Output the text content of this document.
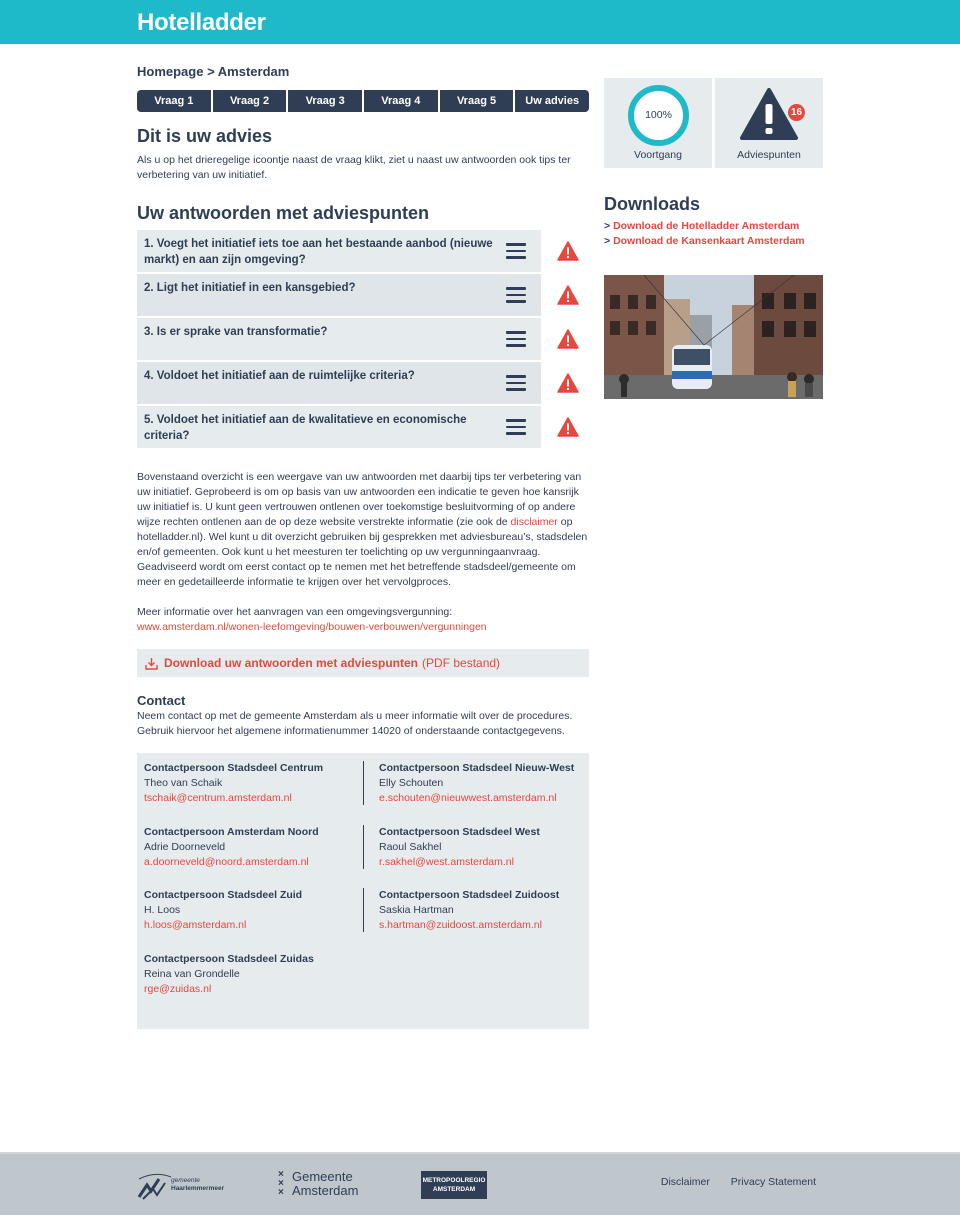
Hotelladder
Homepage > Amsterdam
Vraag 1	Vraag 2	Vraag 3	Vraag 4	Vraag 5	Uw advies
Dit is uw advies

Als u op het drieregelige icoontje naast de vraag klikt, ziet u naast uw antwoorden ook tips ter verbetering van uw initiatief.

Uw antwoorden met adviespunten
1. Voegt het initiatief iets toe aan het bestaande aanbod (nieuwe markt) en aan zijn omgeving?
2. Ligt het initiatief in een kansgebied?
3. Is er sprake van transformatie?
4. Voldoet het initiatief aan de ruimtelijke criteria?
5. Voldoet het initiatief aan de kwalitatieve en economische criteria?

Bovenstaand overzicht is een weergave van uw antwoorden met daarbij tips ter verbetering van uw initiatief. Geprobeerd is om op basis van uw antwoorden een indicatie te geven hoe kansrijk uw initiatief is. U kunt geen vertrouwen ontlenen over toekomstige besluitvorming of op andere wijze rechten ontlenen aan de op deze website verstrekte informatie (zie ook de disclaimer op hotelladder.nl). Wel kunt u dit overzicht gebruiken bij gesprekken met adviesbureau’s, stadsdelen en/of gemeenten. Ook kunt u het meesturen ter toelichting op uw vergunningaanvraag. Geadviseerd wordt om eerst contact op te nemen met het betreffende stadsdeel/gemeente om meer en gedetailleerde informatie te krijgen over het vervolgproces.

Meer informatie over het aanvragen van een omgevingsvergunning:
www.amsterdam.nl/wonen-leefomgeving/bouwen-verbouwen/vergunningen

Download uw antwoorden met adviespunten (PDF bestand)
Contact

Neem contact op met de gemeente Amsterdam als u meer informatie wilt over de procedures. Gebruik hiervoor het algemene informatienummer 14020 of onderstaande contactgegevens.

Contactpersoon Stadsdeel Centrum
Theo van Schaik
tschaik@centrum.amsterdam.nl
Contactpersoon Stadsdeel Nieuw-West
Elly Schouten
e.schouten@nieuwwest.amsterdam.nl
Contactpersoon Amsterdam Noord
Adrie Doorneveld
a.doorneveld@noord.amsterdam.nl
Contactpersoon Stadsdeel West
Raoul Sakhel
r.sakhel@west.amsterdam.nl
Contactpersoon Stadsdeel Zuid
H. Loos
h.loos@amsterdam.nl
Contactpersoon Stadsdeel Zuidoost
Saskia Hartman
s.hartman@zuidoost.amsterdam.nl
Contactpersoon Stadsdeel Zuidas
Reina van Grondelle
rge@zuidas.nl
100%
Voortgang
16
Adviespunten
Downloads
> Download de Hotelladder Amsterdam
> Download de Kansenkaart Amsterdam
gemeente
Haarlemmermeer
×
×
×
Gemeente
Amsterdam
METROPOOLREGIO
AMSTERDAM
Disclaimer Privacy Statement
